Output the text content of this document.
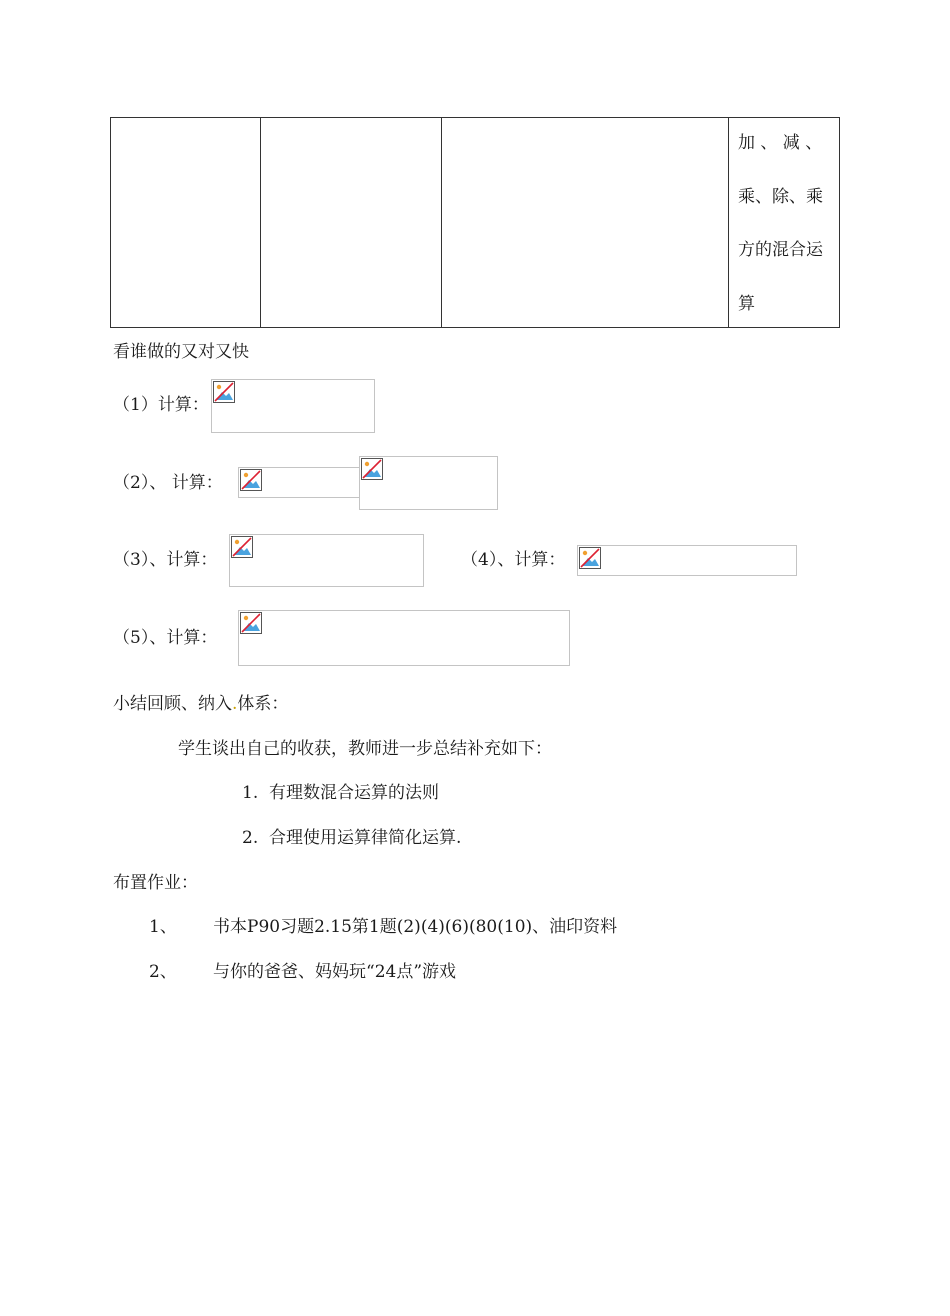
加 、 减 、
乘、除、乘
方的混合运
算
看谁做的又对又快
（1）计算：
（2）、 计算：
（3）、计算：	（4）、计算：
（5）、计算：
小结回顾、纳入.体系：
学生谈出自己的收获，教师进一步总结补充如下：
1. 有理数混合运算的法则
2. 合理使用运算律简化运算.
布置作业：
1、 书本P90习题2.15第1题(2)(4)(6)(80(10)、油印资料
2、 与你的爸爸、妈妈玩“24点”游戏
